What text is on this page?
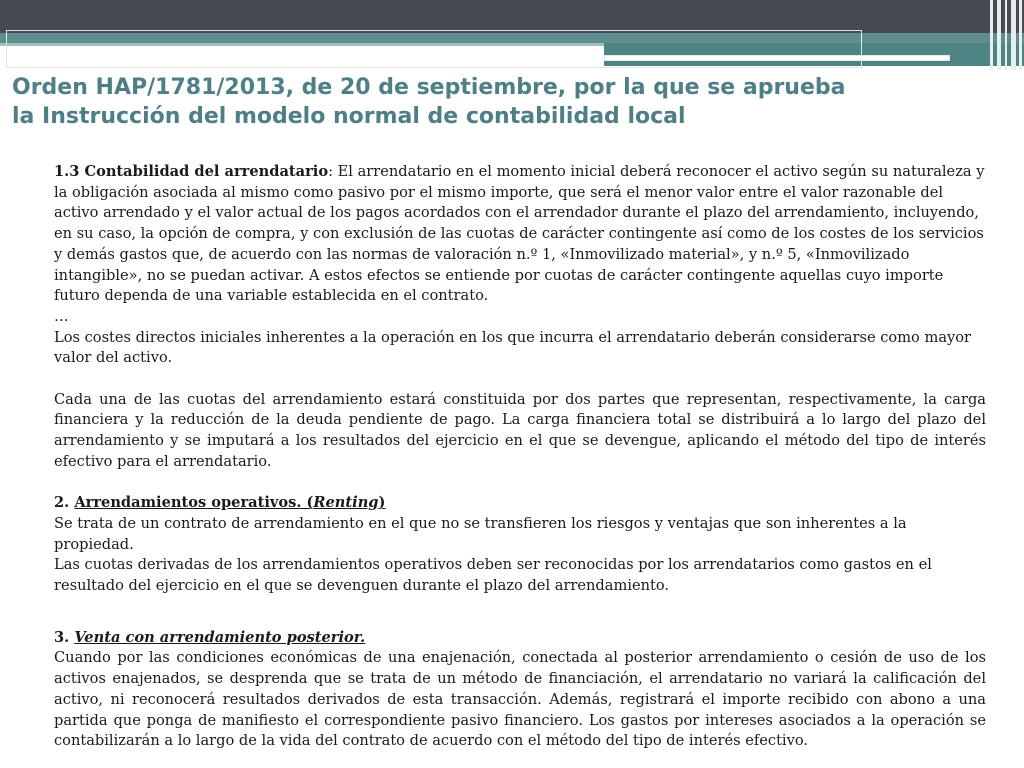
Orden HAP/1781/2013, de 20 de septiembre, por la que se aprueba
la Instrucción del modelo normal de contabilidad local

1.3 Contabilidad del arrendatario: El arrendatario en el momento inicial deberá reconocer el activo según su naturaleza y la obligación asociada al mismo como pasivo por el mismo importe, que será el menor valor entre el valor razonable del activo arrendado y el valor actual de los pagos acordados con el arrendador durante el plazo del arrendamiento, incluyendo, en su caso, la opción de compra, y con exclusión de las cuotas de carácter contingente así como de los costes de los servicios y demás gastos que, de acuerdo con las normas de valoración n.º 1, «Inmovilizado material», y n.º 5, «Inmovilizado intangible», no se puedan activar. A estos efectos se entiende por cuotas de carácter contingente aquellas cuyo importe futuro dependa de una variable establecida en el contrato.

…

Los costes directos iniciales inherentes a la operación en los que incurra el arrendatario deberán considerarse como mayor valor del activo.

Cada una de las cuotas del arrendamiento estará constituida por dos partes que representan, respectivamente, la carga financiera y la reducción de la deuda pendiente de pago. La carga financiera total se distribuirá a lo largo del plazo del arrendamiento y se imputará a los resultados del ejercicio en el que se devengue, aplicando el método del tipo de interés efectivo para el arrendatario.

2. Arrendamientos operativos. (Renting)

Se trata de un contrato de arrendamiento en el que no se transfieren los riesgos y ventajas que son inherentes a la propiedad.

Las cuotas derivadas de los arrendamientos operativos deben ser reconocidas por los arrendatarios como gastos en el resultado del ejercicio en el que se devenguen durante el plazo del arrendamiento.

3. Venta con arrendamiento posterior.

Cuando por las condiciones económicas de una enajenación, conectada al posterior arrendamiento o cesión de uso de los activos enajenados, se desprenda que se trata de un método de financiación, el arrendatario no variará la calificación del activo, ni reconocerá resultados derivados de esta transacción. Además, registrará el importe recibido con abono a una partida que ponga de manifiesto el correspondiente pasivo financiero. Los gastos por intereses asociados a la operación se contabilizarán a lo largo de la vida del contrato de acuerdo con el método del tipo de interés efectivo.
